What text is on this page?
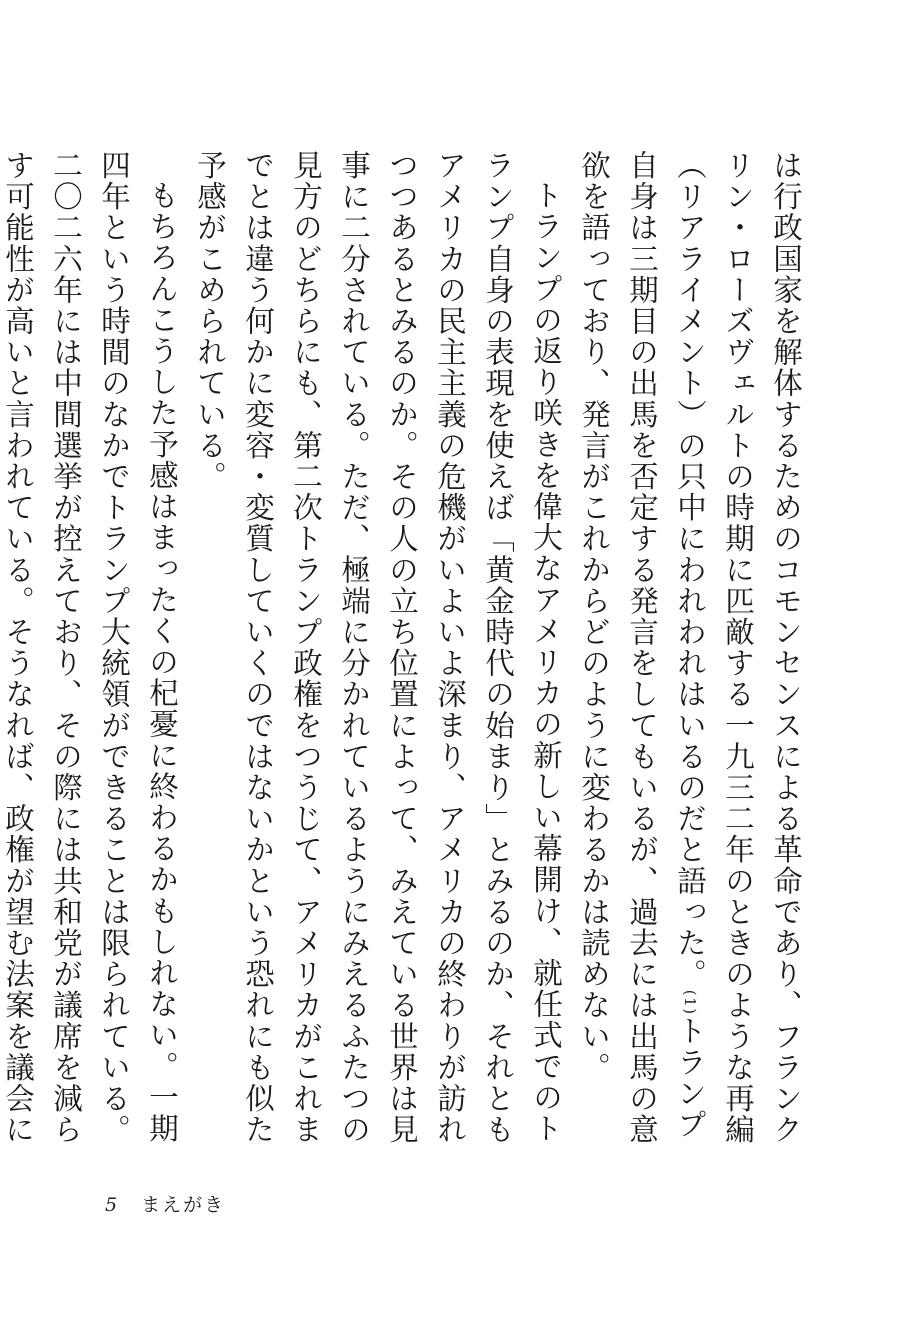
は行政国家を解体するためのコモンセンスによる革命であり、フランクリン・ローズヴェルトの時期に匹敵する一九三二年のときのような再編（リアライメント）の只中にわれわれはいるのだと語った。(1)トランプ自身は三期目の出馬を否定する発言をしてもいるが、過去には出馬の意欲を語っており、発言がこれからどのように変わるかは読めない。

トランプの返り咲きを偉大なアメリカの新しい幕開け、就任式でのトランプ自身の表現を使えば「黄金時代の始まり」とみるのか、それともアメリカの民主主義の危機がいよいよ深まり、アメリカの終わりが訪れつつあるとみるのか。その人の立ち位置によって、みえている世界は見事に二分されている。ただ、極端に分かれているようにみえるふたつの見方のどちらにも、第二次トランプ政権をつうじて、アメリカがこれまでとは違う何かに変容・変質していくのではないかという恐れにも似た予感がこめられている。

もちろんこうした予感はまったくの杞憂に終わるかもしれない。一期四年という時間のなかでトランプ大統領ができることは限られている。二〇二六年には中間選挙が控えており、その際には共和党が議席を減らす可能性が高いと言われている。そうなれば、政権が望む法案を議会に

5 まえがき
